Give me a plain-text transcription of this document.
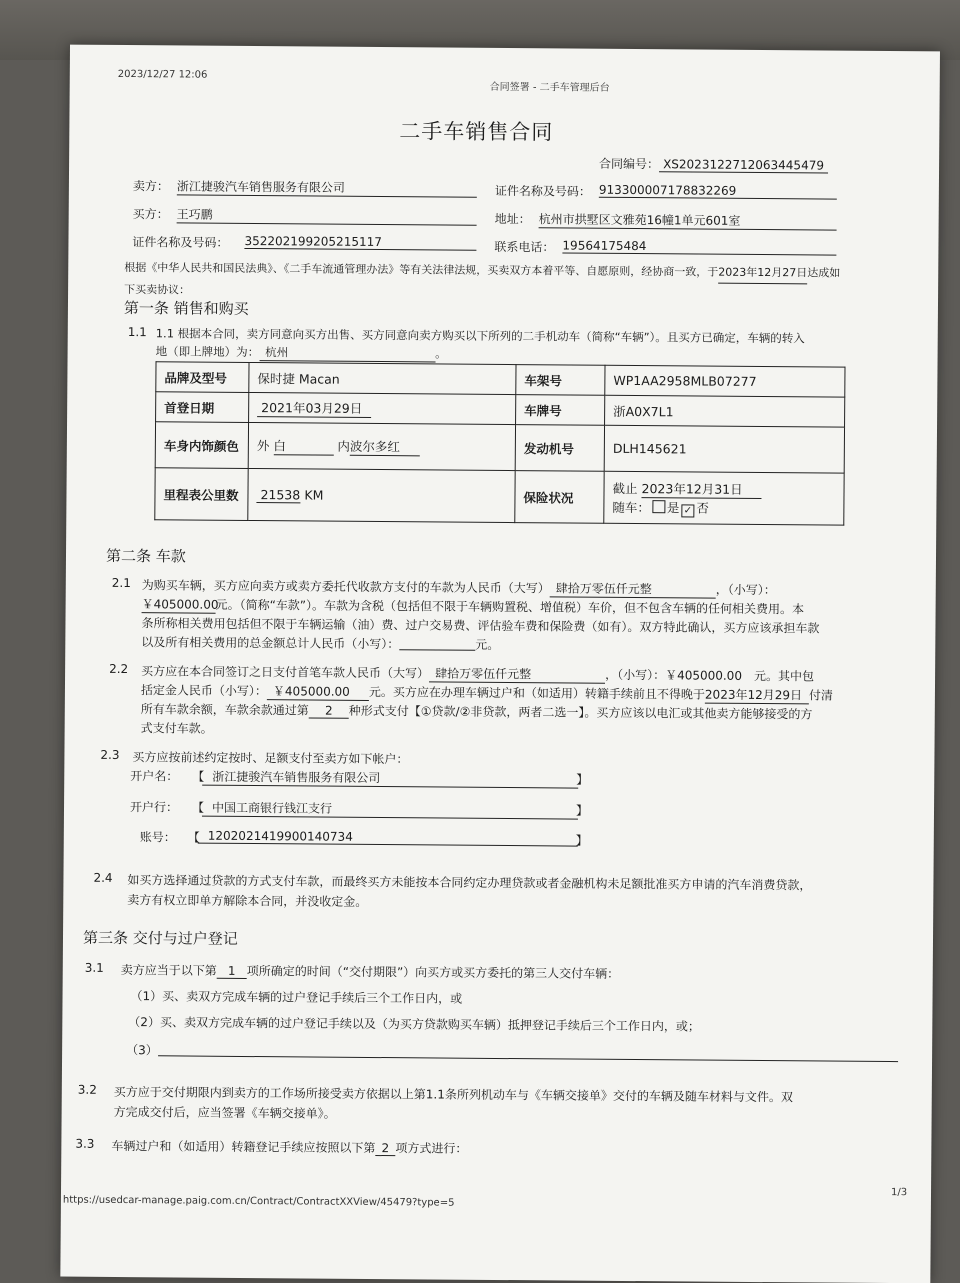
2023/12/27 12:06
合同签署 - 二手车管理后台
二手车销售合同
合同编号： XS2023122712063445479
卖方： 浙江捷骏汽车销售服务有限公司	证件名称及号码： 913300007178832269
买方： 王巧鹏	地址： 杭州市拱墅区文雅苑16幢1单元601室
证件名称及号码： 352202199205215117	联系电话： 19564175484
根据《中华人民共和国民法典》、《二手车流通管理办法》等有关法律法规，买卖双方本着平等、自愿原则，经协商一致，于2023年12月27日达成如下买卖协议：
第一条 销售和购买
1.1 1.1 根据本合同，卖方同意向买方出售、买方同意向卖方购买以下所列的二手机动车（简称“车辆”）。且买方已确定，车辆的转入
地（即上牌地）为： 杭州	。
品牌及型号	保时捷 Macan	车架号	WP1AA2958MLB07277
首登日期	2021年03月29日	车牌号	浙A0X7L1
车身内饰颜色	外 白 内波尔多红	发动机号	DLH145621
里程表公里数	21538 KM	保险状况	截止 2023年12月31日
随车： 是 ✓ 否
第二条 车款
2.1 为购买车辆，买方应向卖方或卖方委托代收款方支付的车款为人民币（大写） 肆拾万零伍仟元整	，（小写）：
￥405000.00元。（简称“车款”）。车款为含税（包括但不限于车辆购置税、增值税）车价，但不包含车辆的任何相关费用。本
条所称相关费用包括但不限于车辆运输（油）费、过户交易费、评估验车费和保险费（如有）。双方特此确认，买方应该承担车款
以及所有相关费用的总金额总计人民币（小写）：	元。
2.2 买方应在本合同签订之日支付首笔车款人民币（大写） 肆拾万零伍仟元整	，（小写）：￥405000.00　元。其中包
括定金人民币（小写）： ￥405000.00 元。买方应在办理车辆过户和（如适用）转籍手续前且不得晚于2023年12月29日 付清
所有车款余额，车款余款通过第 2 种形式支付【①贷款/②非贷款，两者二选一】。买方应该以电汇或其他卖方能够接受的方
式支付车款。
2.3 买方应按前述约定按时、足额支付至卖方如下帐户：
开户名： 【 浙江捷骏汽车销售服务有限公司	】
开户行： 【 中国工商银行钱江支行	】
账号： 【 1202021419900140734	】
2.4 如买方选择通过贷款的方式支付车款，而最终买方未能按本合同约定办理贷款或者金融机构未足额批准买方申请的汽车消费贷款，
卖方有权立即单方解除本合同，并没收定金。
第三条 交付与过户登记
3.1 卖方应当于以下第 1 项所确定的时间（“交付期限”）向买方或买方委托的第三人交付车辆：
（1）买、卖双方完成车辆的过户登记手续后三个工作日内，或
（2）买、卖双方完成车辆的过户登记手续以及（为买方贷款购买车辆）抵押登记手续后三个工作日内，或；
（3）
3.2 买方应于交付期限内到卖方的工作场所接受卖方依据以上第1.1条所列机动车与《车辆交接单》交付的车辆及随车材料与文件。双
方完成交付后，应当签署《车辆交接单》。
3.3 车辆过户和（如适用）转籍登记手续应按照以下第 2 项方式进行：
https://usedcar-manage.paig.com.cn/Contract/ContractXXView/45479?type=5
1/3
